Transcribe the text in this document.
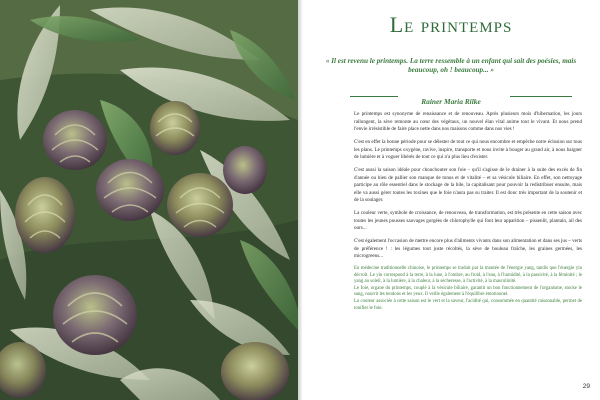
Le printemps
« Il est revenu le printemps. La terre ressemble à un enfant qui sait des poésies, mais beaucoup, oh ! beaucoup... »
Rainer Maria Rilke

Le printemps est synonyme de renaissance et de renouveau. Après plusieurs mois d'hibernation, les jours rallongent, la sève remonte au cœur des végétaux, un nouvel élan vital anime tout le vivant. Et nous prend l'envie irrésistible de faire place nette dans nos maisons comme dans nos vies !

C'est en effet la bonne période pour se délester de tout ce qui nous encombre et empêche notre éclosion sur tous les plans. Le printemps oxygène, ravive, inspire, transporte et nous invite à bouger au grand air, à nous baigner de lumière et à voguer libérés de tout ce qui n'a plus lieu d'exister.

C'est aussi la saison idéale pour chouchouter son foie – qu'il s'agisse de le drainer à la suite des excès de fin d'année ou bien de pallier son manque de tonus et de vitalité – et sa vésicule biliaire. En effet, son nettoyage participe au rôle essentiel dans le stockage de la bile, la capitalisant pour pouvoir la redistribuer ensuite, mais elle va aussi gérer toutes les toxines que le foie n'aura pas su traiter. Il est donc très important de la soutenir et de la soulager.

La couleur verte, symbole de croissance, de renouveau, de transformation, est très présente en cette saison avec toutes les jeunes pousses sauvages gorgées de chlorophylle qui font leur apparition – pissenlit, plantain, ail des ours...

C'est également l'occasion de mettre encore plus d'aliments vivants dans son alimentation et dans ses jus – verts de préférence ! : les légumes tout juste récoltés, la sève de bouleau fraîche, les graines germées, les microgreens...

En médecine traditionnelle chinoise, le printemps se traduit par la montée de l'énergie yang, tandis que l'énergie yin décroît. Le yin correspond à la terre, à la lune, à l'ombre, au froid, à l'eau, à l'humidité, à la passivité, à la féminité ; le yang au soleil, à la lumière, à la chaleur, à la sécheresse, à l'activité, à la masculinité.

Le foie, organe du printemps, couplé à la vésicule biliaire, garantit un bon fonctionnement de l'organisme, stocke le sang, nourrit les tendons et les yeux. Il veille également à l'équilibre émotionnel.

La couleur associée à cette saison est le vert et la saveur, l'acidité qui, consommée en quantité raisonnable, permet de tonifier le foie.

29
